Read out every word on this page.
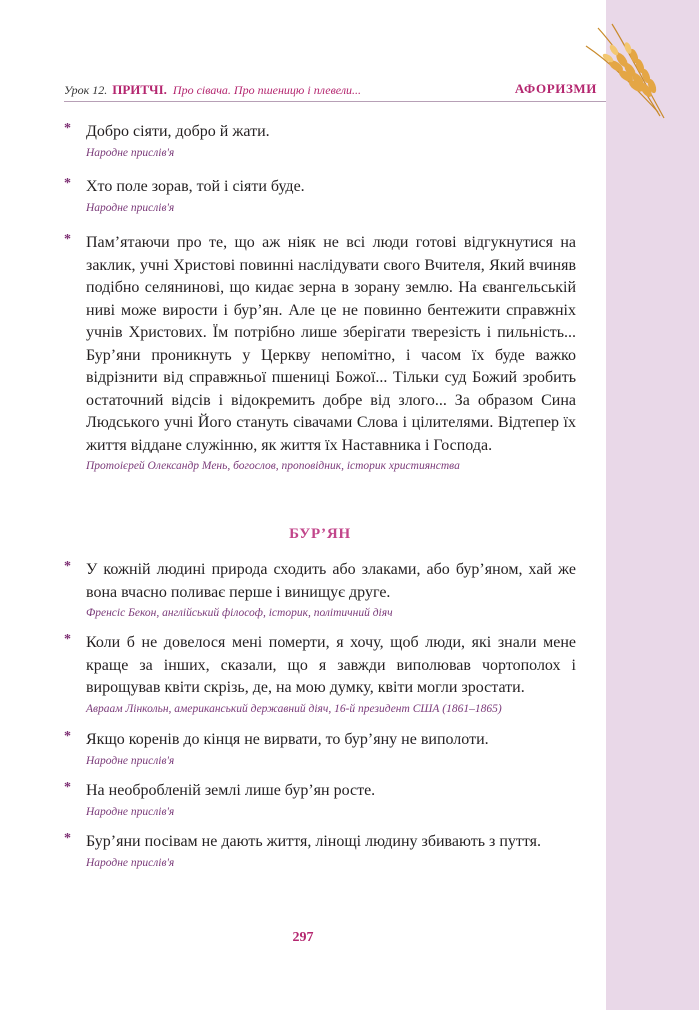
Урок 12. ПРИТЧІ. Про сівача. Про пшеницю і плевели...	АФОРИЗМИ
* Добро сіяти, добро й жати.
Народне прислів'я
* Хто поле зорав, той і сіяти буде.
Народне прислів'я
* Пам’ятаючи про те, що аж ніяк не всі люди готові відгукнутися на заклик, учні Христові повинні наслідувати свого Вчителя, Який вчиняв подібно селянинові, що кидає зерна в зорану землю. На євангельській ниві може вирости і бур’ян. Але це не повинно бентежити справжніх учнів Христових. Їм потрібно лише зберігати тверезість і пильність... Бур’яни проникнуть у Церкву непомітно, і часом їх буде важко відрізнити від справжньої пшениці Божої... Тільки суд Божий зробить остаточний відсів і відокремить добре від злого... За образом Сина Людського учні Його стануть сівачами Слова і цілителями. Відтепер їх життя віддане служінню, як життя їх Наставника і Господа.
Протоієрей Олександр Мень, богослов, проповідник, історик християнства
БУР’ЯН
* У кожній людині природа сходить або злаками, або бур’яном, хай же вона вчасно поливає перше і винищує друге.
Френсіс Бекон, англійський філософ, історик, політичний діяч
* Коли б не довелося мені померти, я хочу, щоб люди, які знали мене краще за інших, сказали, що я завжди виполював чортополох і вирощував квіти скрізь, де, на мою думку, квіти могли зростати.
Авраам Лінкольн, американський державний діяч, 16-й президент США (1861–1865)
* Якщо коренів до кінця не вирвати, то бур’яну не виполоти.
Народне прислів'я
* На необробленій землі лише бур’ян росте.
Народне прислів'я
* Бур’яни посівам не дають життя, лінощі людину збивають з пуття.
Народне прислів'я
297
